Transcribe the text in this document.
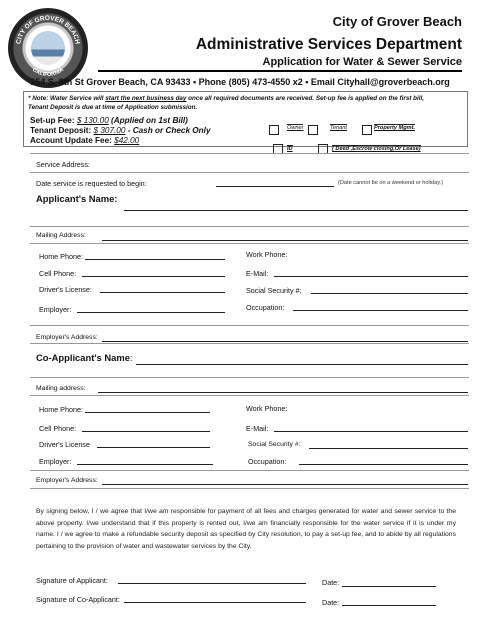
CITY OF GROVER BEACH
CALIFORNIA
City of Grover Beach
Administrative Services Department
Application for Water & Sewer Service
154 S. 8th St Grover Beach, CA 93433 • Phone (805) 473-4550 x2 • Email Cityhall@groverbeach.org
* Note: Water Service will start the next business day once all required documents are received. Set-up fee is applied on the first bill, Tenant Deposit is due at time of Application submission.
Set-up Fee: $ 130.00 (Applied on 1st Bill)
Tenant Deposit: $ 307.00 - Cash or Check Only
Account Update Fee: $42.00
Owner	Tenant	Property Mgmt.
ID	( Deed ,Escrow closing,Or Lease)
Service Address:
Date service is requested to begin:	(Date cannot be on a weekend or holiday.)
Applicant's Name:
Mailing Address:
Home Phone:	Work Phone:
Cell Phone:	E-Mail:
Driver's License:	Social Security #:
Employer:	Occupation:
Employer's Address:
Co-Applicant's Name:
Mailing address:
Home Phone:	Work Phone:
Cell Phone:	E-Mail:
Driver's License	Social Security #:
Employer:	Occupation:
Employer's Address:
By signing below, I / we agree that I/we am responsible for payment of all fees and charges generated for water and sewer service to the above property. I/we understand that if this property is rented out, I/we am financially responsible for the water service if it is under my name. I / we agree to make a refundable security deposit as specified by City resolution, to pay a set-up fee, and to abide by all regulations pertaining to the provision of water and wastewater services by the City.
Signature of Applicant:	Date:
Signature of Co-Applicant:	Date:
